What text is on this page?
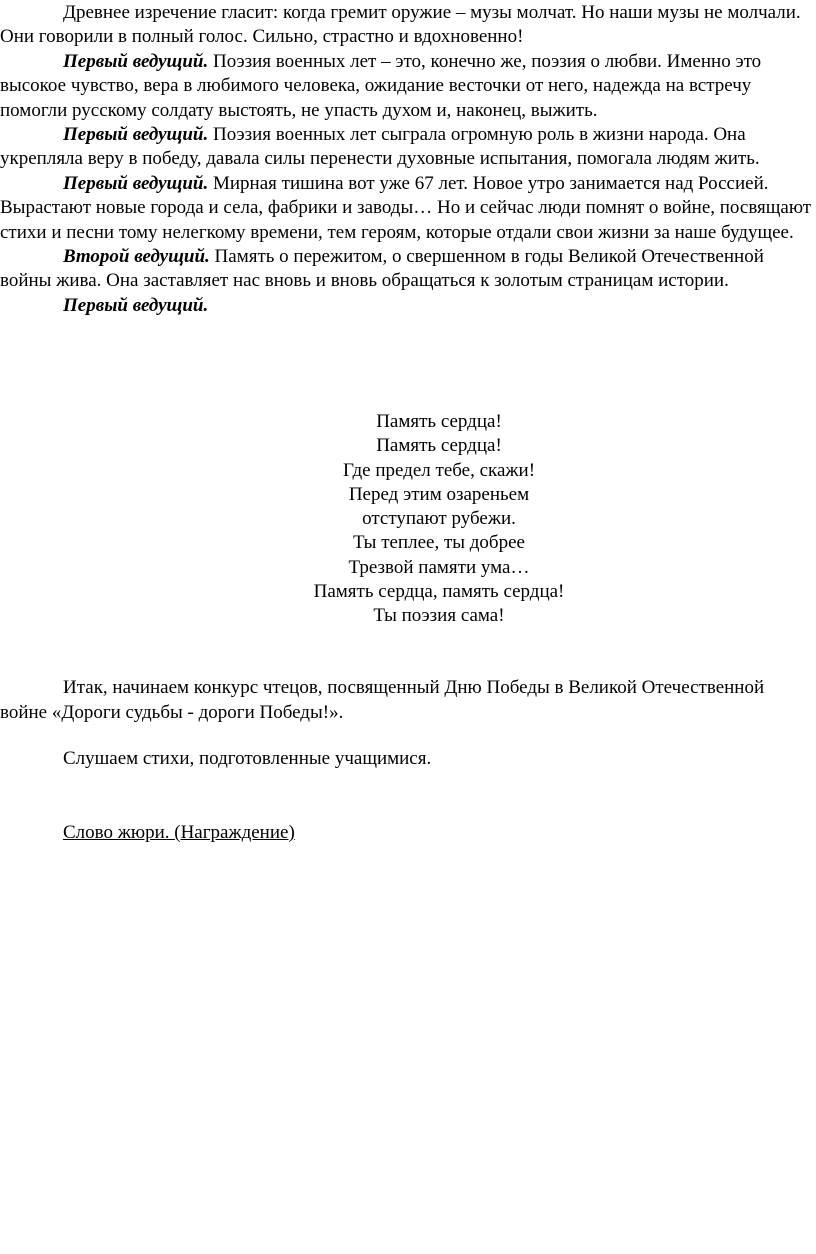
Древнее изречение гласит: когда гремит оружие – музы молчат. Но наши музы не молчали. Они говорили в полный голос. Сильно, страстно и вдохновенно!

Первый ведущий. Поэзия военных лет – это, конечно же, поэзия о любви. Именно это высокое чувство, вера в любимого человека, ожидание весточки от него, надежда на встречу помогли русскому солдату выстоять, не упасть духом и, наконец, выжить.

Первый ведущий. Поэзия военных лет сыграла огромную роль в жизни народа. Она укрепляла веру в победу, давала силы перенести духовные испытания, помогала людям жить.

Первый ведущий. Мирная тишина вот уже 67 лет. Новое утро занимается над Россией. Вырастают новые города и села, фабрики и заводы… Но и сейчас люди помнят о войне, посвящают стихи и песни тому нелегкому времени, тем героям, которые отдали свои жизни за наше будущее.

Второй ведущий. Память о пережитом, о свершенном в годы Великой Отечественной войны жива. Она заставляет нас вновь и вновь обращаться к золотым страницам истории.

Первый ведущий.

Память сердца!
Память сердца!
Где предел тебе, скажи!
Перед этим озареньем
отступают рубежи.
Ты теплее, ты добрее
Трезвой памяти ума…
Память сердца, память сердца!
Ты поэзия сама!

Итак, начинаем конкурс чтецов, посвященный Дню Победы в Великой Отечественной войне «Дороги судьбы - дороги Победы!».

Слушаем стихи, подготовленные учащимися.
Слово жюри. (Награждение)
